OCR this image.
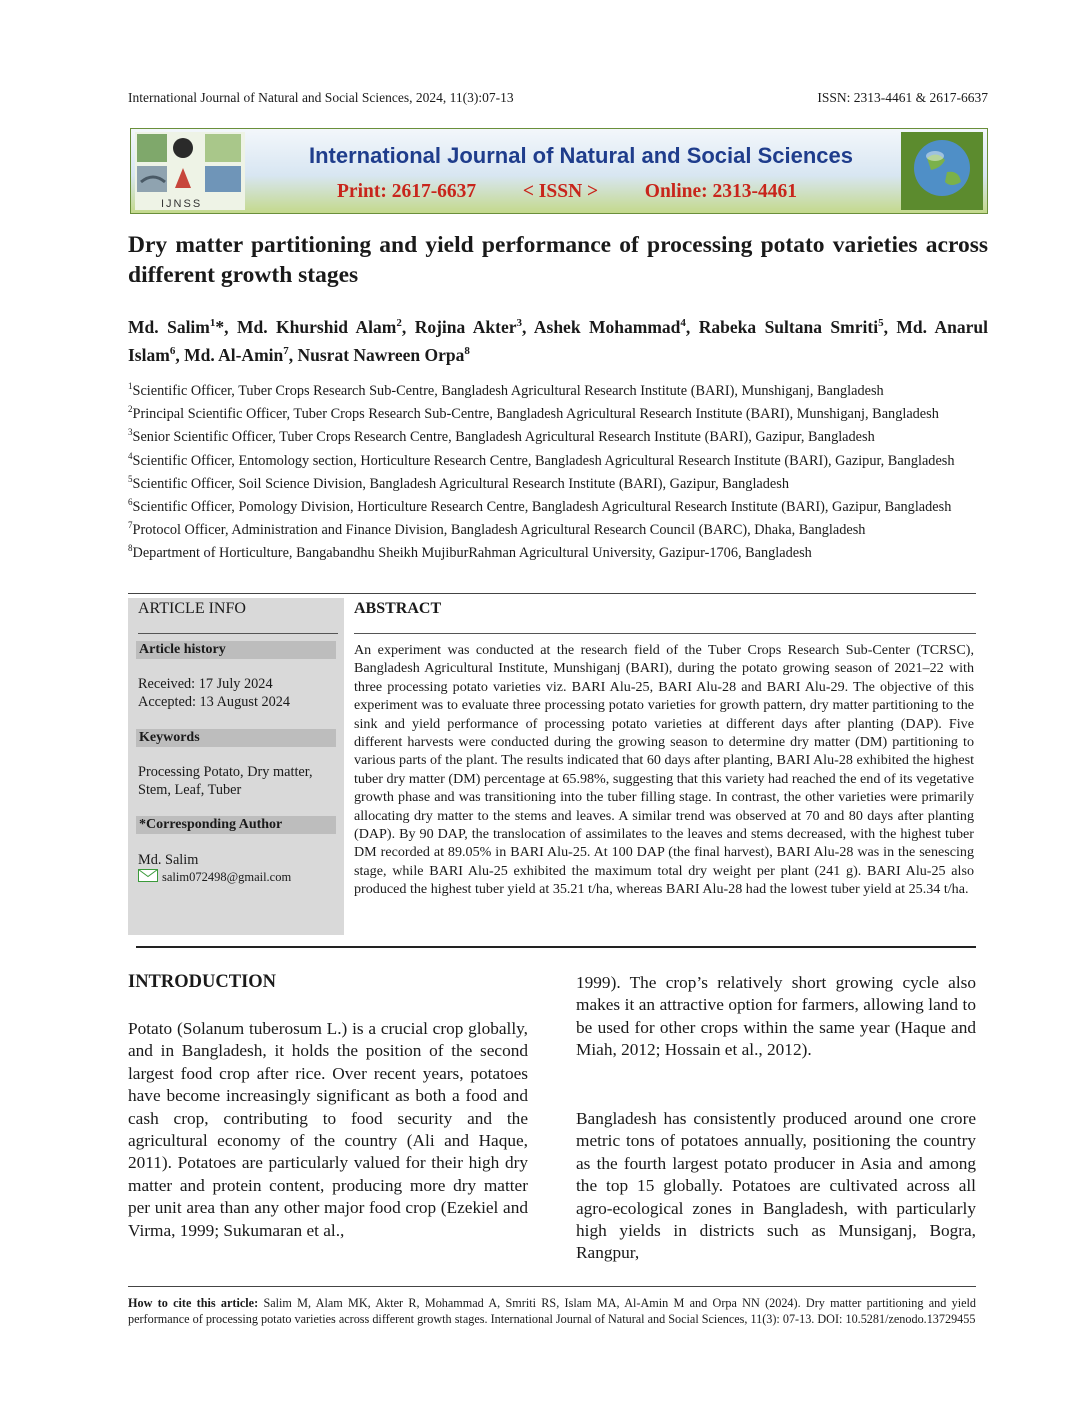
International Journal of Natural and Social Sciences, 2024, 11(3):07-13	ISSN: 2313-4461 & 2617-6637
IJNSS
International Journal of Natural and Social Sciences
Print: 2617-6637 < ISSN > Online: 2313-4461
Dry matter partitioning and yield performance of processing potato varieties across different growth stages
Md. Salim$^1$*, Md. Khurshid Alam$^2$, Rojina Akter$^3$, Ashek Mohammad$^4$, Rabeka Sultana Smriti$^5$, Md. Anarul Islam$^6$, Md. Al-Amin$^7$, Nusrat Nawreen Orpa$^8$
$^1$Scientific Officer, Tuber Crops Research Sub-Centre, Bangladesh Agricultural Research Institute (BARI), Munshiganj, Bangladesh
$^2$Principal Scientific Officer, Tuber Crops Research Sub-Centre, Bangladesh Agricultural Research Institute (BARI), Munshiganj, Bangladesh
$^3$Senior Scientific Officer, Tuber Crops Research Centre, Bangladesh Agricultural Research Institute (BARI), Gazipur, Bangladesh
$^4$Scientific Officer, Entomology section, Horticulture Research Centre, Bangladesh Agricultural Research Institute (BARI), Gazipur, Bangladesh
$^5$Scientific Officer, Soil Science Division, Bangladesh Agricultural Research Institute (BARI), Gazipur, Bangladesh
$^6$Scientific Officer, Pomology Division, Horticulture Research Centre, Bangladesh Agricultural Research Institute (BARI), Gazipur, Bangladesh
$^7$Protocol Officer, Administration and Finance Division, Bangladesh Agricultural Research Council (BARC), Dhaka, Bangladesh
$^8$Department of Horticulture, Bangabandhu Sheikh MujiburRahman Agricultural University, Gazipur-1706, Bangladesh
ARTICLE INFO
Article history
Received: 17 July 2024
Accepted: 13 August 2024
Keywords
Processing Potato, Dry matter, Stem, Leaf, Tuber
*Corresponding Author
Md. Salim
salim072498@gmail.com
ABSTRACT
An experiment was conducted at the research field of the Tuber Crops Research Sub-Center (TCRSC), Bangladesh Agricultural Institute, Munshiganj (BARI), during the potato growing season of 2021–22 with three processing potato varieties viz. BARI Alu-25, BARI Alu-28 and BARI Alu-29. The objective of this experiment was to evaluate three processing potato varieties for growth pattern, dry matter partitioning to the sink and yield performance of processing potato varieties at different days after planting (DAP). Five different harvests were conducted during the growing season to determine dry matter (DM) partitioning to various parts of the plant. The results indicated that 60 days after planting, BARI Alu-28 exhibited the highest tuber dry matter (DM) percentage at 65.98%, suggesting that this variety had reached the end of its vegetative growth phase and was transitioning into the tuber filling stage. In contrast, the other varieties were primarily allocating dry matter to the stems and leaves. A similar trend was observed at 70 and 80 days after planting (DAP). By 90 DAP, the translocation of assimilates to the leaves and stems decreased, with the highest tuber DM recorded at 89.05% in BARI Alu-25. At 100 DAP (the final harvest), BARI Alu-28 was in the senescing stage, while BARI Alu-25 exhibited the maximum total dry weight per plant (241 g). BARI Alu-25 also produced the highest tuber yield at 35.21 t/ha, whereas BARI Alu-28 had the lowest tuber yield at 25.34 t/ha.
INTRODUCTION
Potato (Solanum tuberosum L.) is a crucial crop globally, and in Bangladesh, it holds the position of the second largest food crop after rice. Over recent years, potatoes have become increasingly significant as both a food and cash crop, contributing to food security and the agricultural economy of the country (Ali and Haque, 2011). Potatoes are particularly valued for their high dry matter and protein content, producing more dry matter per unit area than any other major food crop (Ezekiel and Virma, 1999; Sukumaran et al.,
1999). The crop’s relatively short growing cycle also makes it an attractive option for farmers, allowing land to be used for other crops within the same year (Haque and Miah, 2012; Hossain et al., 2012).
Bangladesh has consistently produced around one crore metric tons of potatoes annually, positioning the country as the fourth largest potato producer in Asia and among the top 15 globally. Potatoes are cultivated across all agro-ecological zones in Bangladesh, with particularly high yields in districts such as Munsiganj, Bogra, Rangpur,
How to cite this article: Salim M, Alam MK, Akter R, Mohammad A, Smriti RS, Islam MA, Al-Amin M and Orpa NN (2024). Dry matter partitioning and yield performance of processing potato varieties across different growth stages. International Journal of Natural and Social Sciences, 11(3): 07-13. DOI: 10.5281/zenodo.13729455
